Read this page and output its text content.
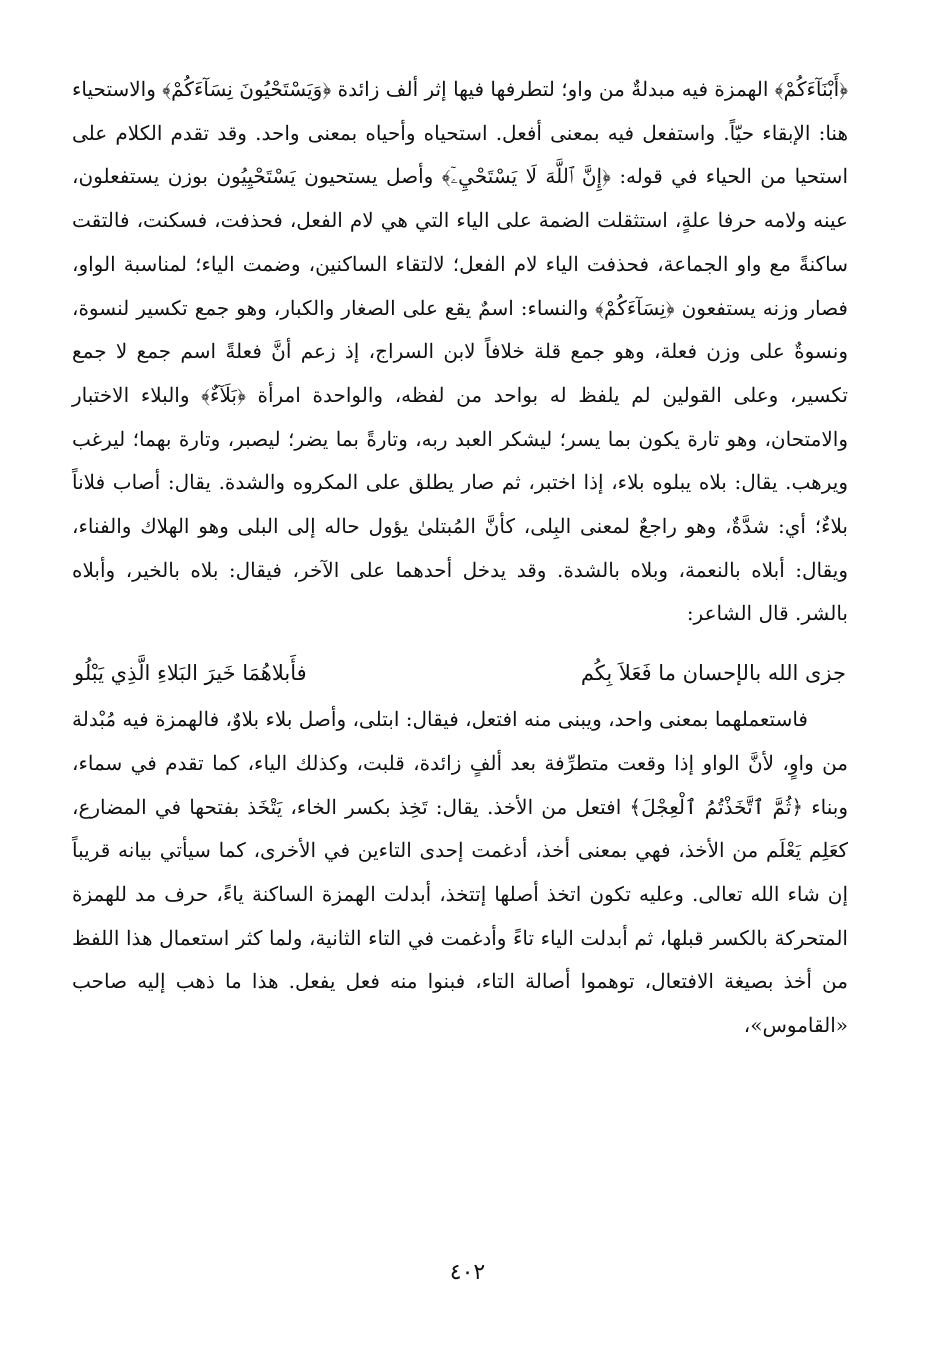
﴿أَبْنَآءَكُمْ﴾ الهمزة فيه مبدلةٌ من واو؛ لتطرفها فيها إثر ألف زائدة ﴿وَيَسْتَحْيُونَ نِسَآءَكُمْ﴾ والاستحياء هنا: الإبقاء حيّاً. واستفعل فيه بمعنى أفعل. استحياه وأحياه بمعنى واحد. وقد تقدم الكلام على استحيا من الحياء في قوله: ﴿إِنَّ ٱللَّهَ لَا يَسْتَحْيِۦٓ﴾ وأصل يستحيون يَسْتَحْيِيُون بوزن يستفعلون، عينه ولامه حرفا علةٍ، استثقلت الضمة على الياء التي هي لام الفعل، فحذفت، فسكنت، فالتقت ساكنةً مع واو الجماعة، فحذفت الياء لام الفعل؛ لالتقاء الساكنين، وضمت الياء؛ لمناسبة الواو، فصار وزنه يستفعون ﴿نِسَآءَكُمْ﴾ والنساء: اسمٌ يقع على الصغار والكبار، وهو جمع تكسير لنسوة، ونسوةٌ على وزن فعلة، وهو جمع قلة خلافاً لابن السراج، إذ زعم أنَّ فعلةً اسم جمع لا جمع تكسير، وعلى القولين لم يلفظ له بواحد من لفظه، والواحدة امرأة ﴿بَلَآءٌ﴾ والبلاء الاختبار والامتحان، وهو تارة يكون بما يسر؛ ليشكر العبد ربه، وتارةً بما يضر؛ ليصبر، وتارة بهما؛ ليرغب ويرهب. يقال: بلاه يبلوه بلاء، إذا اختبر، ثم صار يطلق على المكروه والشدة. يقال: أصاب فلاناً بلاءٌ؛ أي: شدَّةٌ، وهو راجعٌ لمعنى البِلى، كأنَّ المُبتلىٰ يؤول حاله إلى البلى وهو الهلاك والفناء، ويقال: أبلاه بالنعمة، وبلاه بالشدة. وقد يدخل أحدهما على الآخر، فيقال: بلاه بالخير، وأبلاه بالشر. قال الشاعر:

جزى الله بالإحسان ما فَعَلاَ بِكُم
فأَبلاهُمَا خَيرَ البَلاءِ الَّذِي يَبْلُو

فاستعملهما بمعنى واحد، ويبنى منه افتعل، فيقال: ابتلى، وأصل بلاء بلاوٌ، فالهمزة فيه مُبْدلة من واوٍ، لأنَّ الواو إذا وقعت متطرِّفة بعد ألفٍ زائدة، قلبت، وكذلك الياء، كما تقدم في سماء، وبناء ﴿ثُمَّ ٱتَّخَذْتُمُ ٱلْعِجْلَ﴾ افتعل من الأخذ. يقال: تَخِذ بكسر الخاء، يَتْخَذ بفتحها في المضارع، كعَلِم يَعْلَم من الأخذ، فهي بمعنى أخذ، أدغمت إحدى التاءين في الأخرى، كما سيأتي بيانه قريباً إن شاء الله تعالى. وعليه تكون اتخذ أصلها إتتخذ، أبدلت الهمزة الساكنة ياءً، حرف مد للهمزة المتحركة بالكسر قبلها، ثم أبدلت الياء تاءً وأدغمت في التاء الثانية، ولما كثر استعمال هذا اللفظ من أخذ بصيغة الافتعال، توهموا أصالة التاء، فبنوا منه فعل يفعل. هذا ما ذهب إليه صاحب «القاموس»،

٤٠٢
